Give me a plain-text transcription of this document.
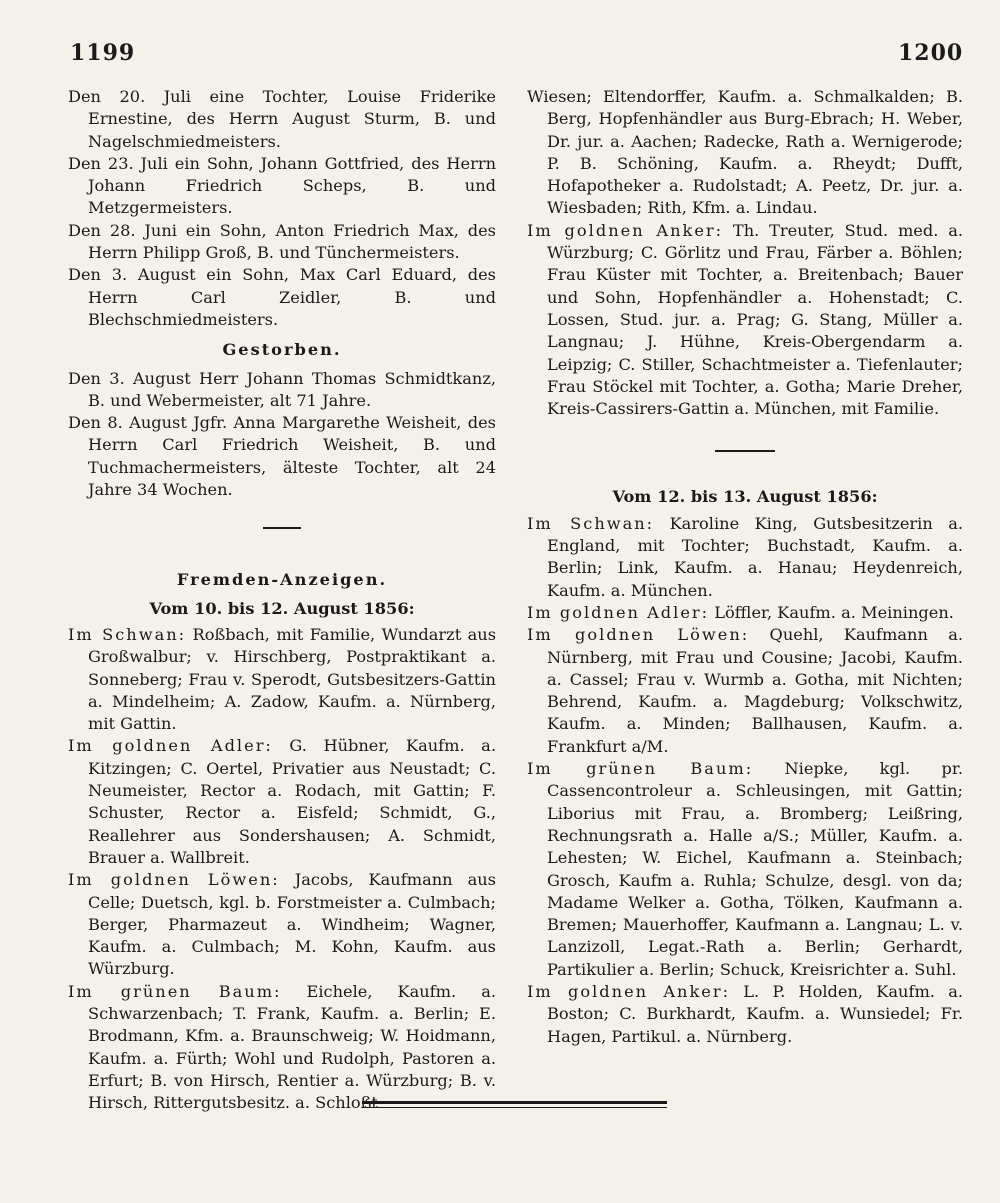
1199	1200

Den 20. Juli eine Tochter, Louise Friderike Ernestine, des Herrn August Sturm, B. und Nagelschmiedmeisters.

Den 23. Juli ein Sohn, Johann Gottfried, des Herrn Johann Friedrich Scheps, B. und Metzgermeisters.

Den 28. Juni ein Sohn, Anton Friedrich Max, des Herrn Philipp Groß, B. und Tünchermeisters.

Den 3. August ein Sohn, Max Carl Eduard, des Herrn Carl Zeidler, B. und Blechschmiedmeisters.

Gestorben.

Den 3. August Herr Johann Thomas Schmidtkanz, B. und Webermeister, alt 71 Jahre.

Den 8. August Jgfr. Anna Margarethe Weisheit, des Herrn Carl Friedrich Weisheit, B. und Tuchmachermeisters, älteste Tochter, alt 24 Jahre 34 Wochen.

Fremden-Anzeigen.

Vom 10. bis 12. August 1856:

Im Schwan: Roßbach, mit Familie, Wundarzt aus Großwalbur; v. Hirschberg, Postpraktikant a. Sonneberg; Frau v. Sperodt, Gutsbesitzers-Gattin a. Mindelheim; A. Zadow, Kaufm. a. Nürnberg, mit Gattin.

Im goldnen Adler: G. Hübner, Kaufm. a. Kitzingen; C. Oertel, Privatier aus Neustadt; C. Neumeister, Rector a. Rodach, mit Gattin; F. Schuster, Rector a. Eisfeld; Schmidt, G., Reallehrer aus Sondershausen; A. Schmidt, Brauer a. Wallbreit.

Im goldnen Löwen: Jacobs, Kaufmann aus Celle; Duetsch, kgl. b. Forstmeister a. Culmbach; Berger, Pharmazeut a. Windheim; Wagner, Kaufm. a. Culmbach; M. Kohn, Kaufm. aus Würzburg.

Im grünen Baum: Eichele, Kaufm. a. Schwarzenbach; T. Frank, Kaufm. a. Berlin; E. Brodmann, Kfm. a. Braunschweig; W. Hoidmann, Kaufm. a. Fürth; Wohl und Rudolph, Pastoren a. Erfurt; B. von Hirsch, Rentier a. Würzburg; B. v. Hirsch, Rittergutsbesitz. a. Schloßt

Wiesen; Eltendorffer, Kaufm. a. Schmalkalden; B. Berg, Hopfenhändler aus Burg-Ebrach; H. Weber, Dr. jur. a. Aachen; Radecke, Rath a. Wernigerode; P. B. Schöning, Kaufm. a. Rheydt; Dufft, Hofapotheker a. Rudolstadt; A. Peetz, Dr. jur. a. Wiesbaden; Rith, Kfm. a. Lindau.

Im goldnen Anker: Th. Treuter, Stud. med. a. Würzburg; C. Görlitz und Frau, Färber a. Böhlen; Frau Küster mit Tochter, a. Breitenbach; Bauer und Sohn, Hopfenhändler a. Hohenstadt; C. Lossen, Stud. jur. a. Prag; G. Stang, Müller a. Langnau; J. Hühne, Kreis-Obergendarm a. Leipzig; C. Stiller, Schachtmeister a. Tiefenlauter; Frau Stöckel mit Tochter, a. Gotha; Marie Dreher, Kreis-Cassirers-Gattin a. München, mit Familie.

Vom 12. bis 13. August 1856:

Im Schwan: Karoline King, Gutsbesitzerin a. England, mit Tochter; Buchstadt, Kaufm. a. Berlin; Link, Kaufm. a. Hanau; Heydenreich, Kaufm. a. München.

Im goldnen Adler: Löffler, Kaufm. a. Meiningen.

Im goldnen Löwen: Quehl, Kaufmann a. Nürnberg, mit Frau und Cousine; Jacobi, Kaufm. a. Cassel; Frau v. Wurmb a. Gotha, mit Nichten; Behrend, Kaufm. a. Magdeburg; Volkschwitz, Kaufm. a. Minden; Ballhausen, Kaufm. a. Frankfurt a/M.

Im grünen Baum: Niepke, kgl. pr. Cassencontroleur a. Schleusingen, mit Gattin; Liborius mit Frau, a. Bromberg; Leißring, Rechnungsrath a. Halle a/S.; Müller, Kaufm. a. Lehesten; W. Eichel, Kaufmann a. Steinbach; Grosch, Kaufm a. Ruhla; Schulze, desgl. von da; Madame Welker a. Gotha, Tölken, Kaufmann a. Bremen; Mauerhoffer, Kaufmann a. Langnau; L. v. Lanzizoll, Legat.-Rath a. Berlin; Gerhardt, Partikulier a. Berlin; Schuck, Kreisrichter a. Suhl.

Im goldnen Anker: L. P. Holden, Kaufm. a. Boston; C. Burkhardt, Kaufm. a. Wunsiedel; Fr. Hagen, Partikul. a. Nürnberg.
